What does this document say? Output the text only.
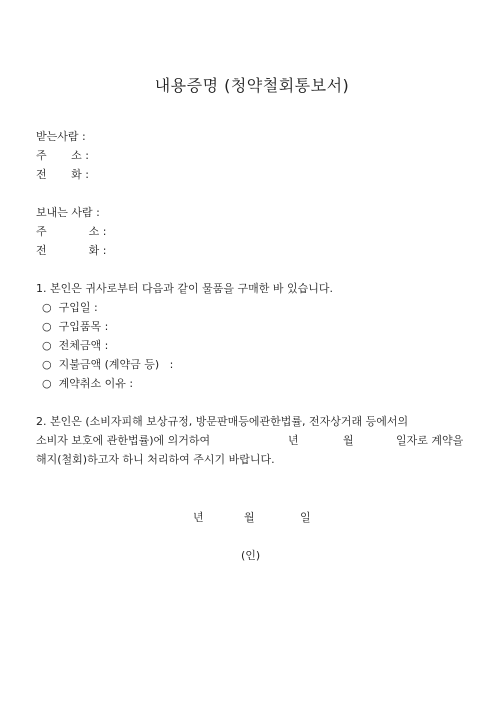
내용증명 (청약철회통보서)
받는사람 :
주       소 :
전       화 :
보내는 사람 :
주            소 :
전            화 :
1. 본인은 귀사로부터 다음과 같이 물품을 구매한 바 있습니다.
○  구입일 :
○  구입품목 :
○  전체금액 :
○  지불금액 (계약금 등)   :
○  계약취소 이유 :
2. 본인은 (소비자피해 보상규정, 방문판매등에관한법률, 전자상거래 등에서의
소비자 보호에 관한법률)에 의거하여	년	월	일자로 계약을
해지(철회)하고자 하니 처리하여 주시기 바랍니다.
년	월	일
(인)
